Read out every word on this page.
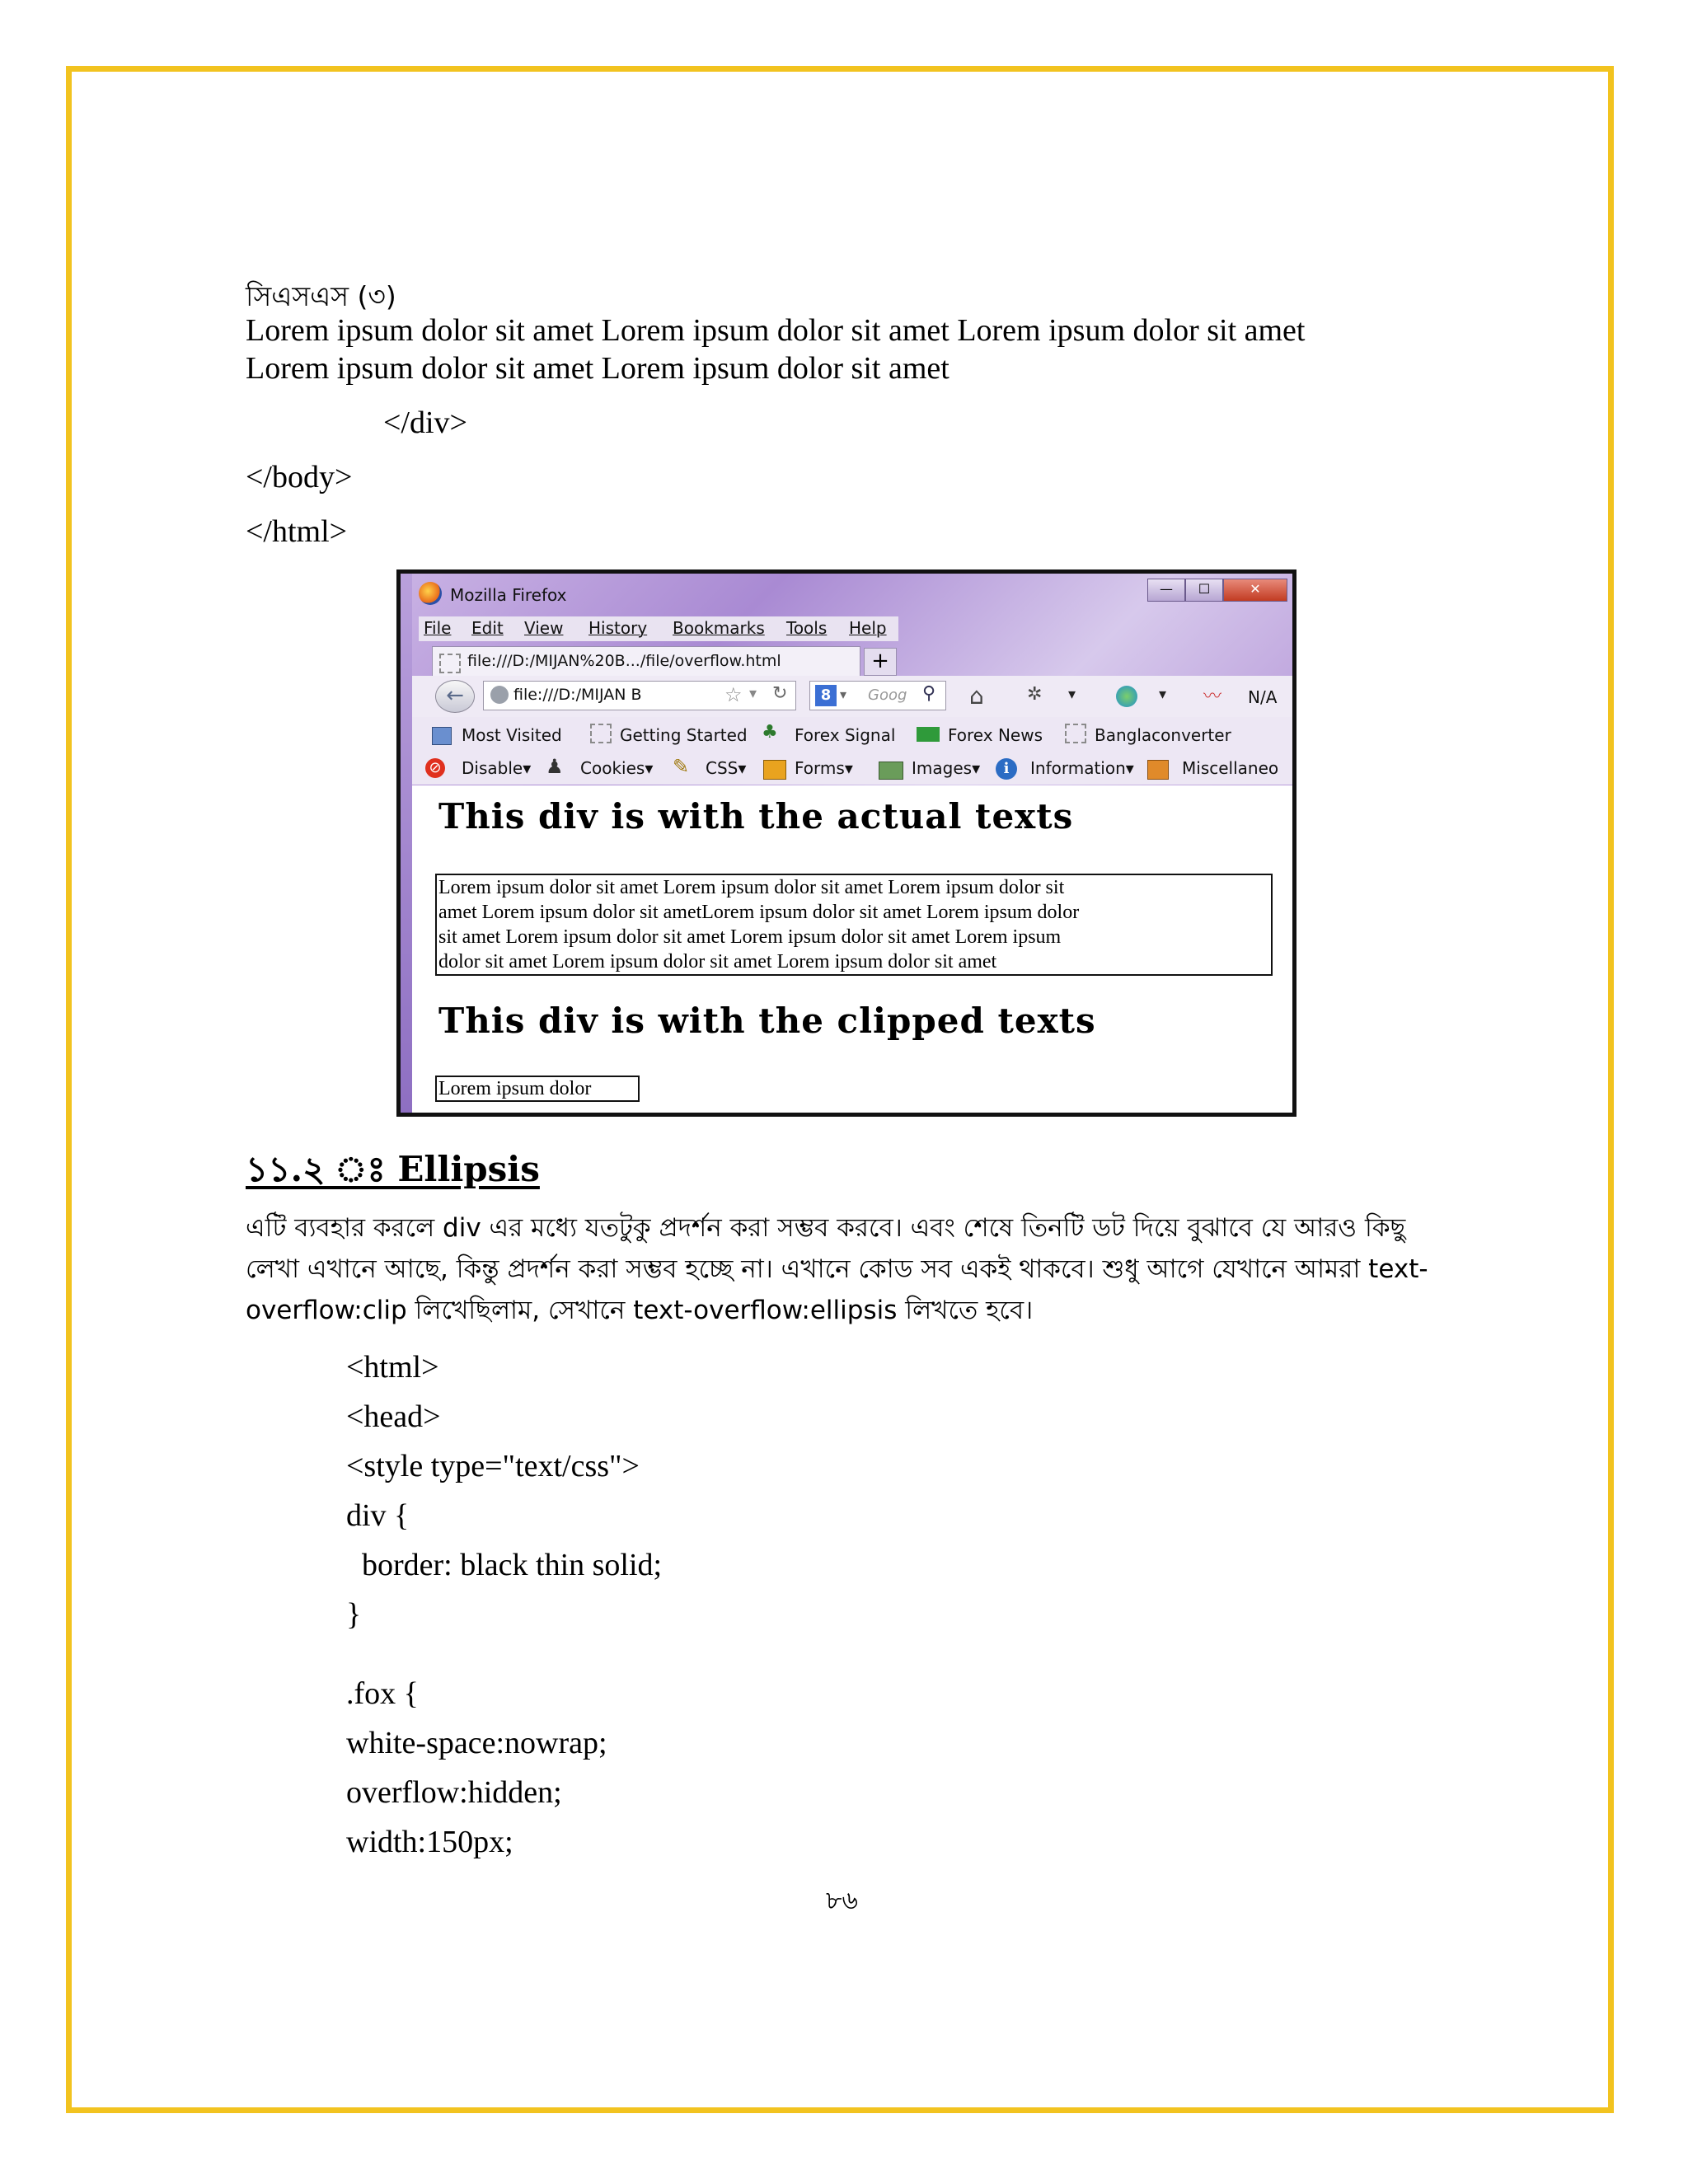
সিএসএস (৩)
Lorem ipsum dolor sit amet Lorem ipsum dolor sit amet Lorem ipsum dolor sit amet
Lorem ipsum dolor sit amet Lorem ipsum dolor sit amet
</div>
</body>
</html>
Mozilla Firefox	—	☐	✕
File Edit View History Bookmarks Tools Help
file:///D:/MIJAN%20B.../file/overflow.html	+
←	file:///D:/MIJAN B	☆ ▾ ↻	8 ▾ Goog ⚲ ⌂ ✲ ▾	▾ 〰 N/A
Most Visited	Getting Started ♣ Forex Signal	Forex News	Banglaconverter
⊘ Disable▾ ♟ Cookies▾ ✎ CSS▾	Forms▾	Images▾	i	Information▾	Miscellaneo
This div is with the actual texts
Lorem ipsum dolor sit amet Lorem ipsum dolor sit amet Lorem ipsum dolor sit
amet Lorem ipsum dolor sit ametLorem ipsum dolor sit amet Lorem ipsum dolor
sit amet Lorem ipsum dolor sit amet Lorem ipsum dolor sit amet Lorem ipsum
dolor sit amet Lorem ipsum dolor sit amet Lorem ipsum dolor sit amet
This div is with the clipped texts
Lorem ipsum dolor
১১.২ ঃ Ellipsis
এটি ব্যবহার করলে div এর মধ্যে যতটুকু প্রদর্শন করা সম্ভব করবে। এবং শেষে তিনটি ডট দিয়ে বুঝাবে যে আরও কিছু
লেখা এখানে আছে, কিন্তু প্রদর্শন করা সম্ভব হচ্ছে না। এখানে কোড সব একই থাকবে। শুধু আগে যেখানে আমরা text-
overflow:clip লিখেছিলাম, সেখানে text-overflow:ellipsis লিখতে হবে।
<html>
<head>
<style type="text/css">
div {
border: black thin solid;
}
.fox {
white-space:nowrap;
overflow:hidden;
width:150px;
৮৬
